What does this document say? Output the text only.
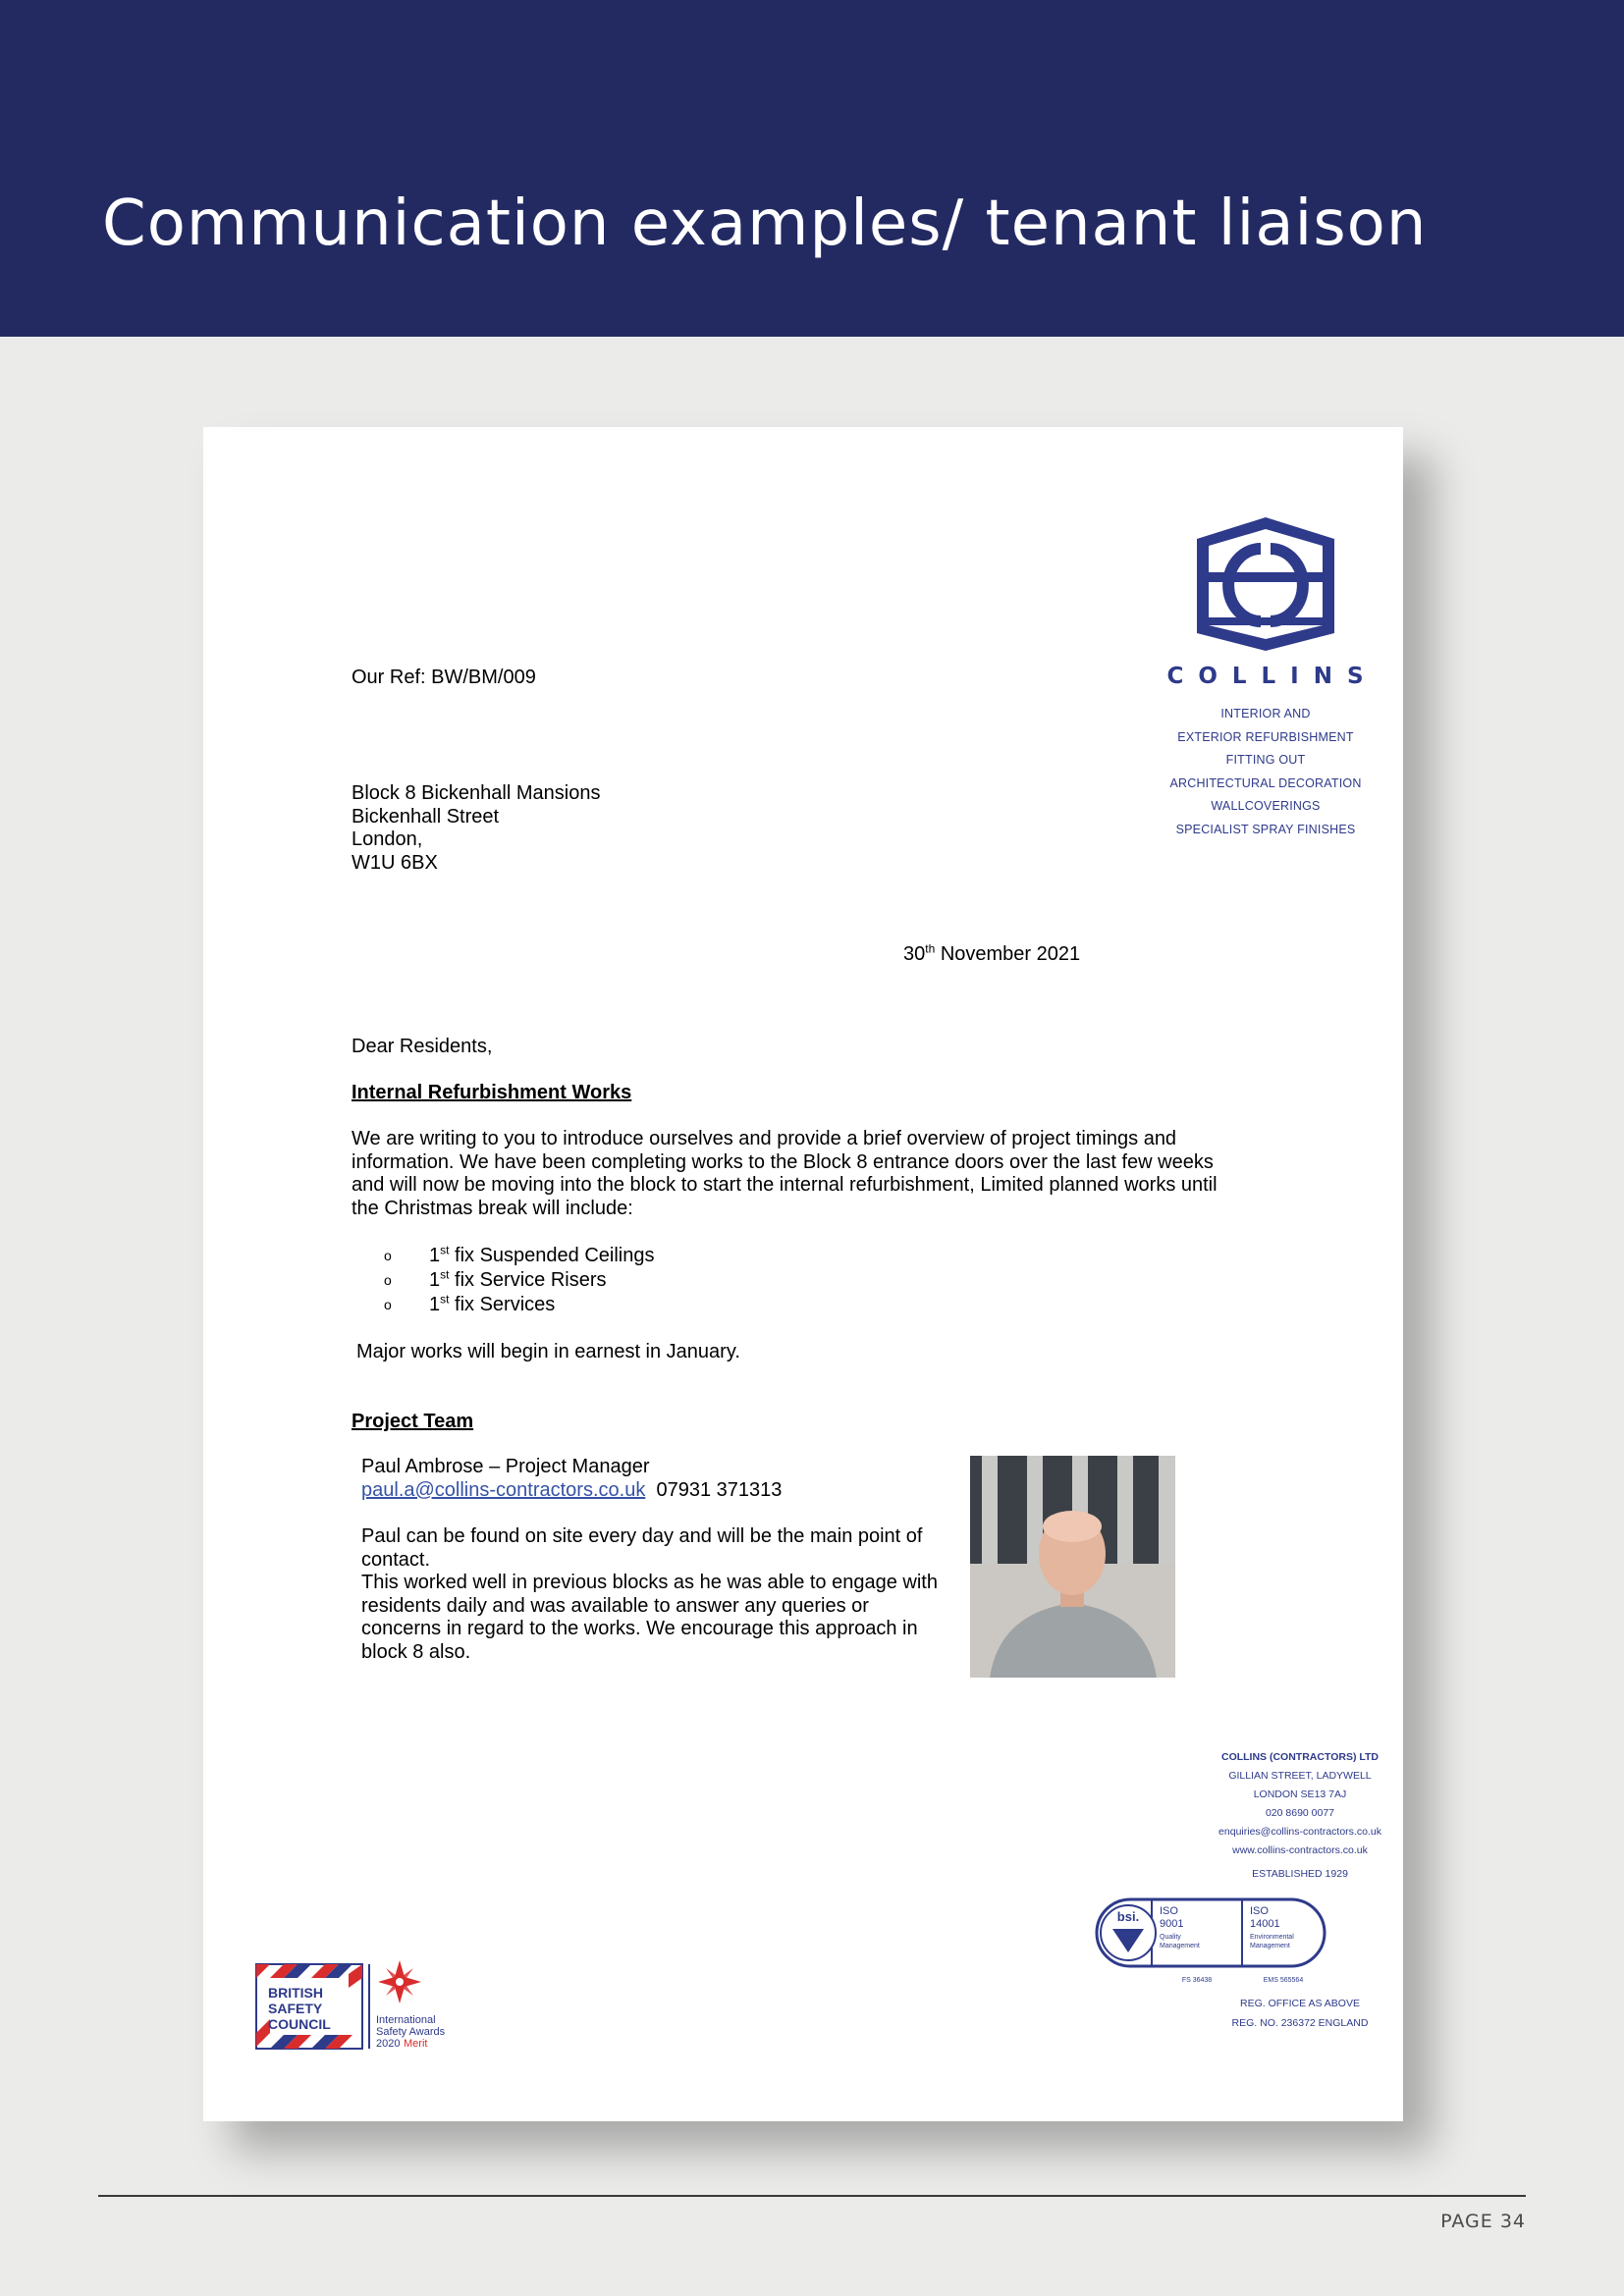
Communication examples/ tenant liaison
COLLINS
INTERIOR AND
EXTERIOR REFURBISHMENT
FITTING OUT
ARCHITECTURAL DECORATION
WALLCOVERINGS
SPECIALIST SPRAY FINISHES
Our Ref: BW/BM/009
Block 8 Bickenhall Mansions
Bickenhall Street
London,
W1U 6BX
30th November 2021
Dear Residents,
Internal Refurbishment Works
We are writing to you to introduce ourselves and provide a brief overview of project timings and information. We have been completing works to the Block 8 entrance doors over the last few weeks and will now be moving into the block to start the internal refurbishment, Limited planned works until the Christmas break will include:
o 1st fix Suspended Ceilings
o 1st fix Service Risers
o 1st fix Services
Major works will begin in earnest in January.
Project Team
Paul Ambrose – Project Manager
paul.a@collins-contractors.co.uk 07931 371313
Paul can be found on site every day and will be the main point of contact.
This worked well in previous blocks as he was able to engage with residents daily and was available to answer any queries or concerns in regard to the works. We encourage this approach in block 8 also.
COLLINS (CONTRACTORS) LTD
GILLIAN STREET, LADYWELL
LONDON SE13 7AJ
020 8690 0077
enquiries@collins-contractors.co.uk
www.collins-contractors.co.uk
ESTABLISHED 1929
bsi. ISO
9001
Quality
Management
ISO
14001
Environmental
Management
FS 36438	EMS 565564
REG. OFFICE AS ABOVE
REG. NO. 236372 ENGLAND
BRITISH
SAFETY
COUNCIL	International
Safety Awards
2020 Merit
PAGE 34
